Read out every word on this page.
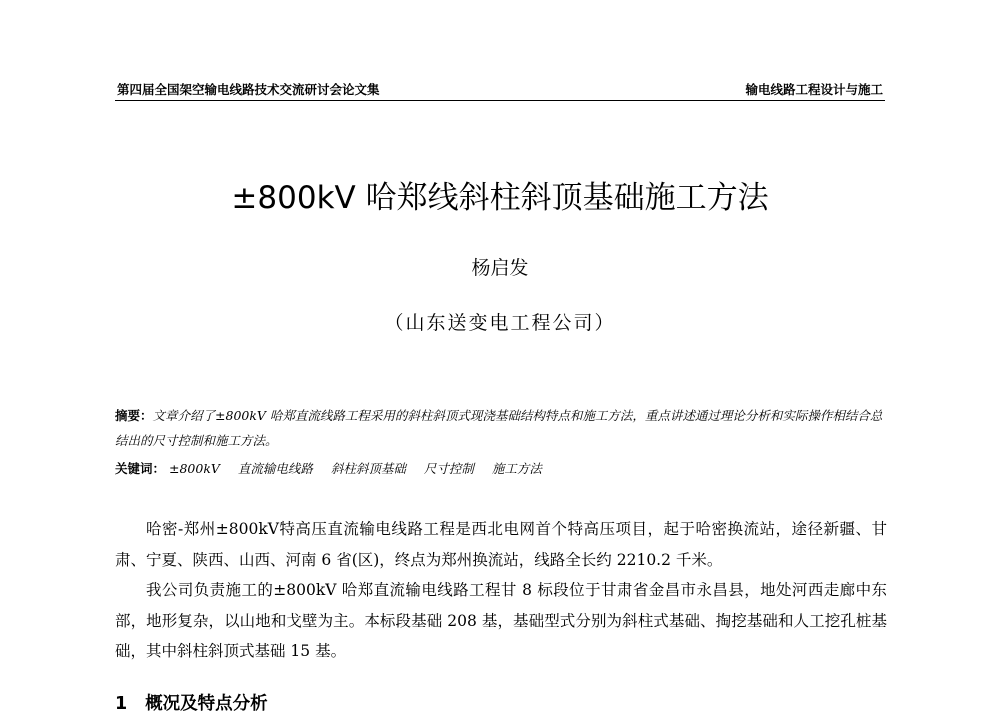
第四届全国架空输电线路技术交流研讨会论文集	输电线路工程设计与施工
±800kV 哈郑线斜柱斜顶基础施工方法
杨启发
（山东送变电工程公司）
摘要：文章介绍了±800kV 哈郑直流线路工程采用的斜柱斜顶式现浇基础结构特点和施工方法，重点讲述通过理论分析和实际操作相结合总结出的尺寸控制和施工方法。
关键词： ±800kV 直流输电线路 斜柱斜顶基础 尺寸控制 施工方法

哈密-郑州±800kV特高压直流输电线路工程是西北电网首个特高压项目，起于哈密换流站，途径新疆、甘肃、宁夏、陕西、山西、河南 6 省(区)，终点为郑州换流站，线路全长约 2210.2 千米。

我公司负责施工的±800kV 哈郑直流输电线路工程甘 8 标段位于甘肃省金昌市永昌县，地处河西走廊中东部，地形复杂，以山地和戈壁为主。本标段基础 208 基，基础型式分别为斜柱式基础、掏挖基础和人工挖孔桩基础，其中斜柱斜顶式基础 15 基。

1 概况及特点分析
